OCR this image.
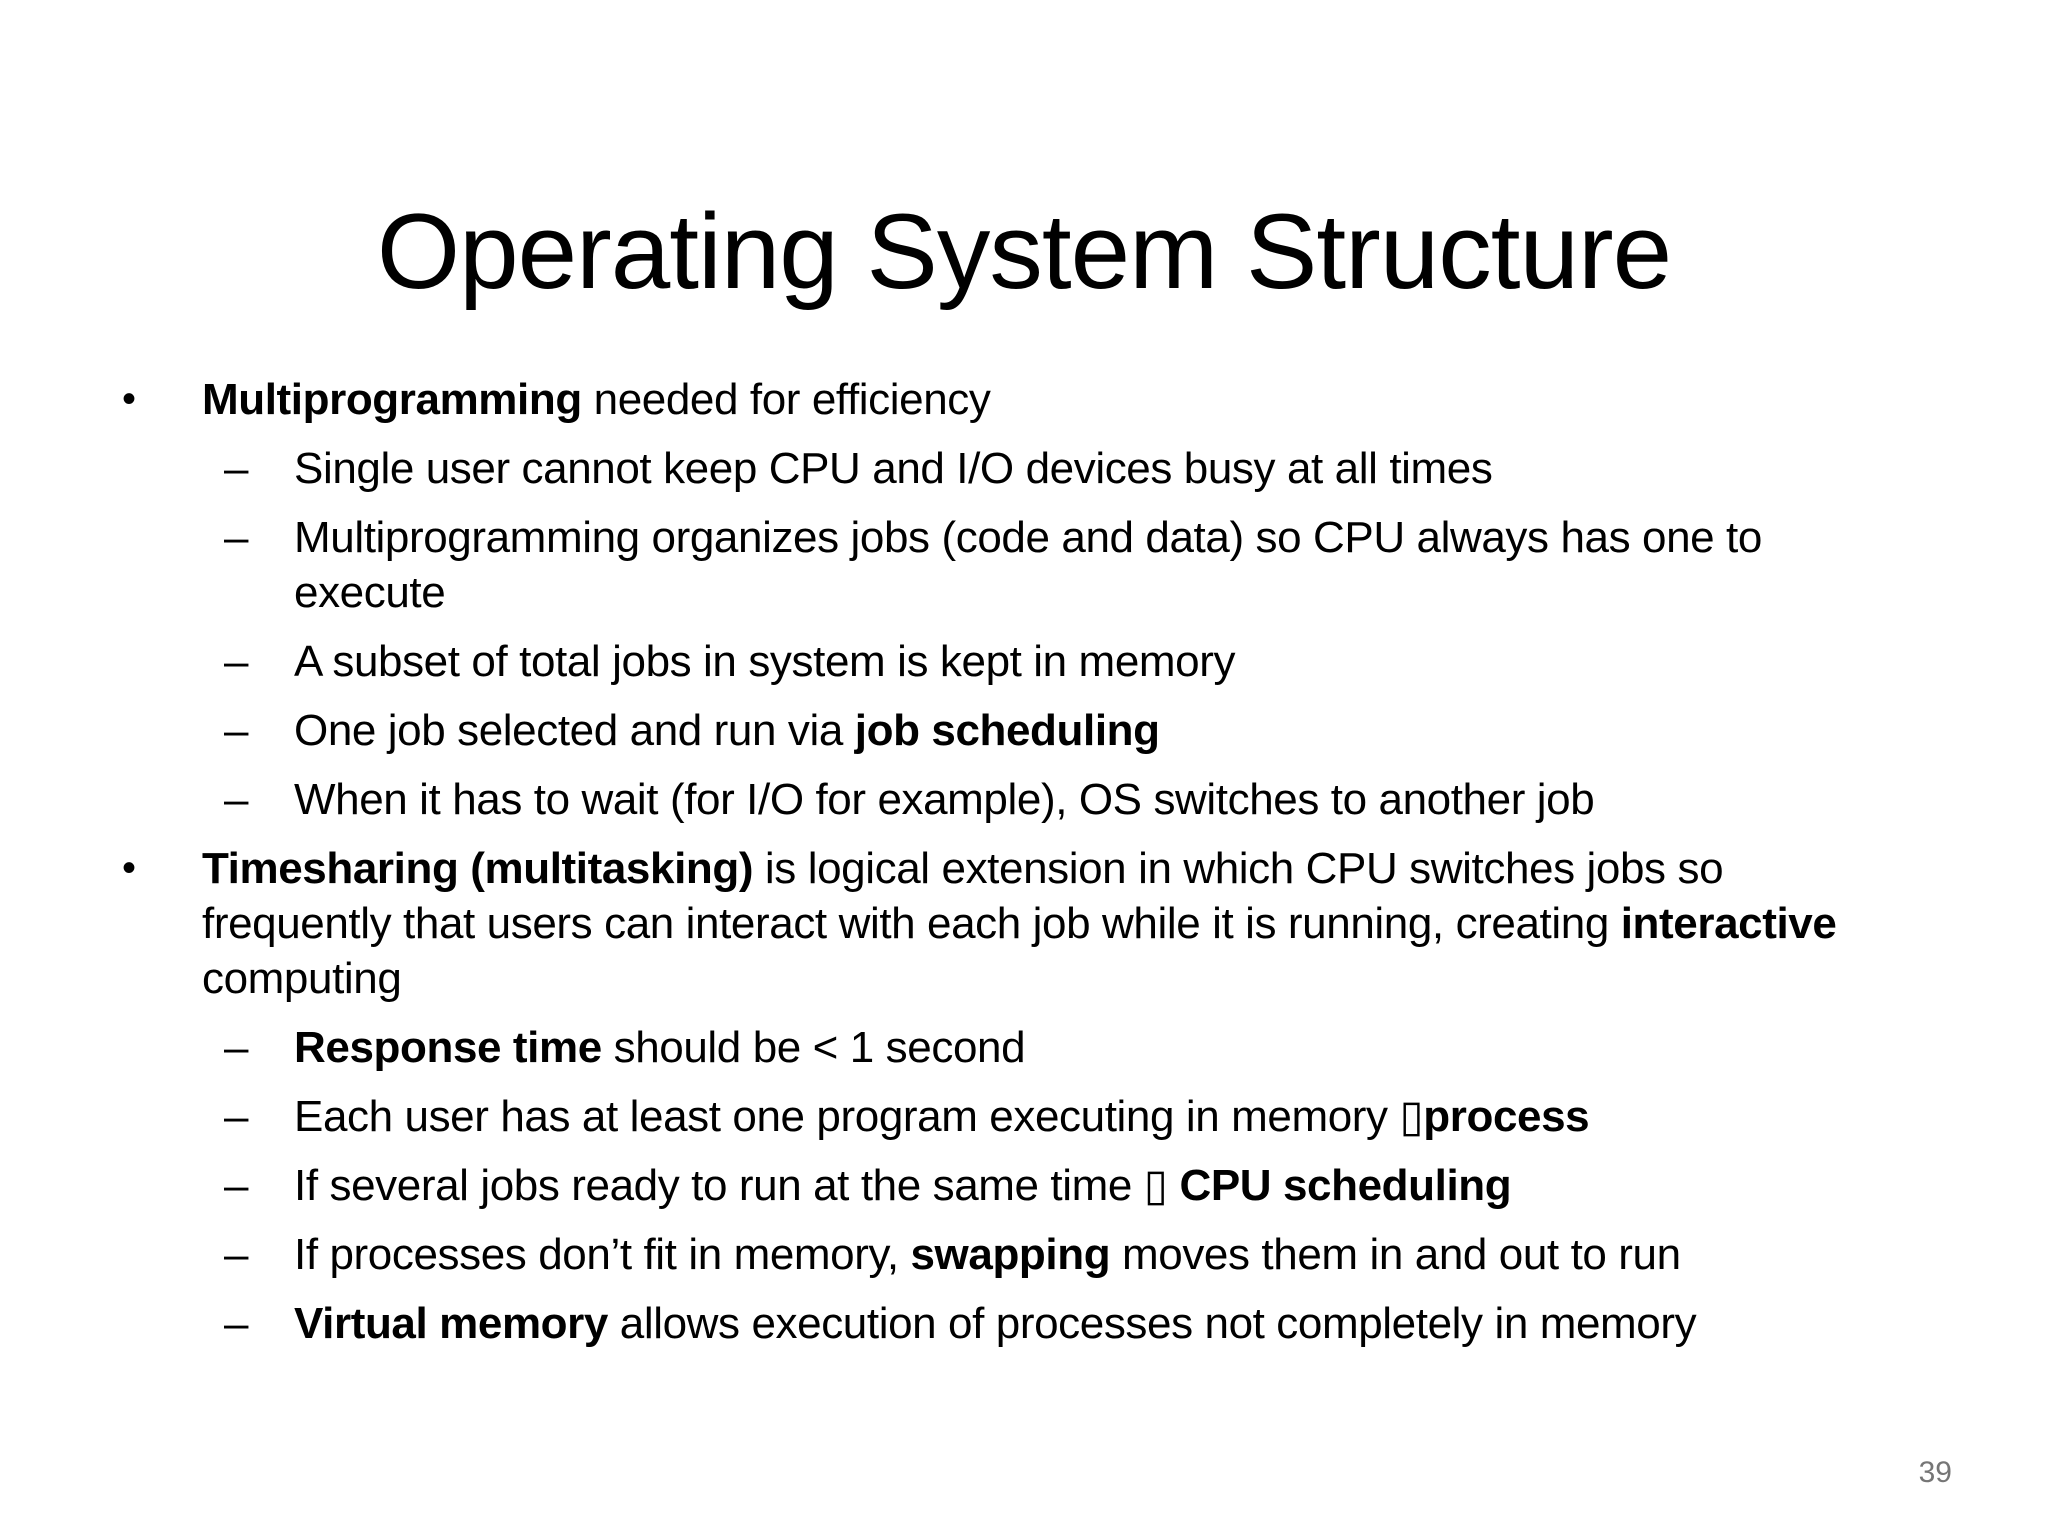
Operating System Structure
•	Multiprogramming needed for efficiency
–	Single user cannot keep CPU and I/O devices busy at all times
–	Multiprogramming organizes jobs (code and data) so CPU always has one to execute
–	A subset of total jobs in system is kept in memory
–	One job selected and run via job scheduling
–	When it has to wait (for I/O for example), OS switches to another job
•	Timesharing (multitasking) is logical extension in which CPU switches jobs so frequently that users can interact with each job while it is running, creating interactive computing
–	Response time should be < 1 second
–	Each user has at least one program executing in memory ▯process
–	If several jobs ready to run at the same time ▯ CPU scheduling
–	If processes don’t fit in memory, swapping moves them in and out to run
–	Virtual memory allows execution of processes not completely in memory
39
